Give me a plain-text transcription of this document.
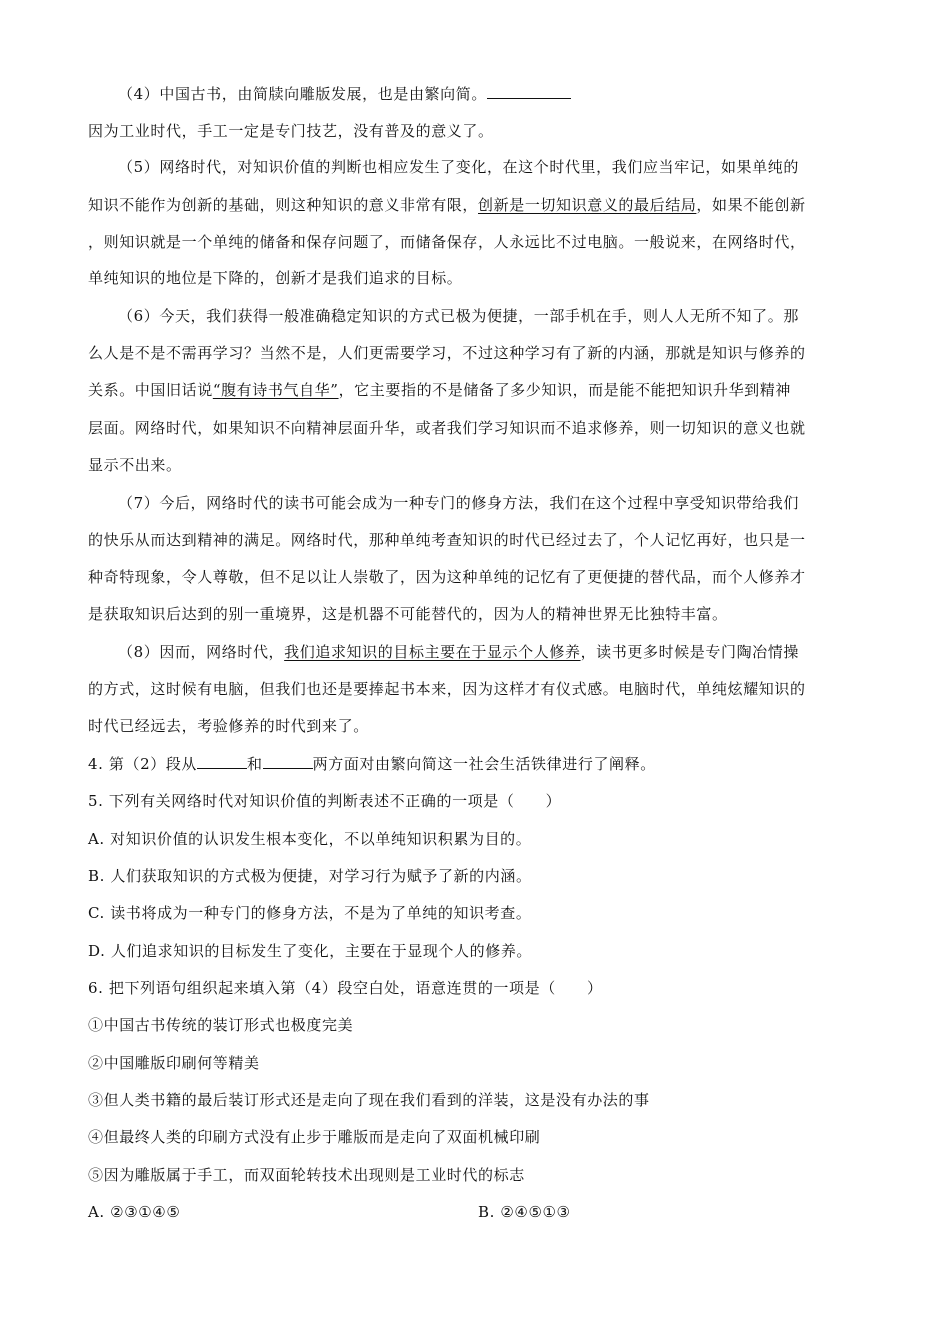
（4）中国古书，由简牍向雕版发展，也是由繁向简。
因为工业时代，手工一定是专门技艺，没有普及的意义了。
（5）网络时代，对知识价值的判断也相应发生了变化，在这个时代里，我们应当牢记，如果单纯的
知识不能作为创新的基础，则这种知识的意义非常有限，创新是一切知识意义的最后结局，如果不能创新
，则知识就是一个单纯的储备和保存问题了，而储备保存，人永远比不过电脑。一般说来，在网络时代，
单纯知识的地位是下降的，创新才是我们追求的目标。
（6）今天，我们获得一般准确稳定知识的方式已极为便捷，一部手机在手，则人人无所不知了。那
么人是不是不需再学习？当然不是，人们更需要学习，不过这种学习有了新的内涵，那就是知识与修养的
关系。中国旧话说“腹有诗书气自华”，它主要指的不是储备了多少知识，而是能不能把知识升华到精神
层面。网络时代，如果知识不向精神层面升华，或者我们学习知识而不追求修养，则一切知识的意义也就
显示不出来。
（7）今后，网络时代的读书可能会成为一种专门的修身方法，我们在这个过程中享受知识带给我们
的快乐从而达到精神的满足。网络时代，那种单纯考查知识的时代已经过去了，个人记忆再好，也只是一
种奇特现象，令人尊敬，但不足以让人崇敬了，因为这种单纯的记忆有了更便捷的替代品，而个人修养才
是获取知识后达到的别一重境界，这是机器不可能替代的，因为人的精神世界无比独特丰富。
（8）因而，网络时代，我们追求知识的目标主要在于显示个人修养，读书更多时候是专门陶冶情操
的方式，这时候有电脑，但我们也还是要捧起书本来，因为这样才有仪式感。电脑时代，单纯炫耀知识的
时代已经远去，考验修养的时代到来了。
4. 第（2）段从	和	两方面对由繁向简这一社会生活铁律进行了阐释。
5. 下列有关网络时代对知识价值的判断表述不正确的一项是（　　）
A. 对知识价值的认识发生根本变化，不以单纯知识积累为目的。
B. 人们获取知识的方式极为便捷，对学习行为赋予了新的内涵。
C. 读书将成为一种专门的修身方法，不是为了单纯的知识考查。
D. 人们追求知识的目标发生了变化，主要在于显现个人的修养。
6. 把下列语句组织起来填入第（4）段空白处，语意连贯的一项是（　　）
①中国古书传统的装订形式也极度完美
②中国雕版印刷何等精美
③但人类书籍的最后装订形式还是走向了现在我们看到的洋装，这是没有办法的事
④但最终人类的印刷方式没有止步于雕版而是走向了双面机械印刷
⑤因为雕版属于手工，而双面轮转技术出现则是工业时代的标志
A. ②③①④⑤	B. ②④⑤①③
